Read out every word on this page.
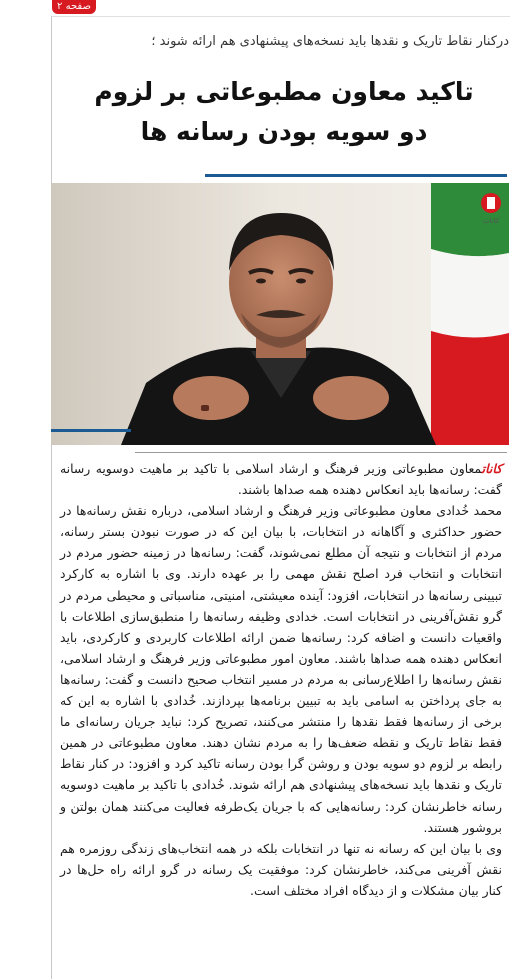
صفحه ۲
درکنار نقاط تاریک و نقدها باید نسخه‌های پیشنهادی هم ارائه شوند ؛
تاکید معاون مطبوعاتی بر لزوم
دو سویه بودن رسانه ها
کانات

کاناتمعاون مطبوعاتی وزیر فرهنگ و ارشاد اسلامی با تاکید بر ماهیت دوسویه رسانه گفت: رسانه‌ها باید انعکاس دهنده همه صداها باشند.

محمد خُدادی معاون مطبوعاتی وزیر فرهنگ و ارشاد اسلامی، درباره نقش رسانه‌ها در حضور حداکثری و آگاهانه در انتخابات، با بیان این که در صورت نبودن بستر رسانه، مردم از انتخابات و نتیجه آن مطلع نمی‌شوند، گفت: رسانه‌ها در زمینه حضور مردم در انتخابات و انتخاب فرد اصلح نقش مهمی را بر عهده دارند. وی با اشاره به کارکرد تبیینی رسانه‌ها در انتخابات، افزود: آینده معیشتی، امنیتی، مناسباتی و محیطی مردم در گرو نقش‌آفرینی در انتخابات است. خدادی وظیفه رسانه‌ها را منطبق‌سازی اطلاعات با واقعیات دانست و اضافه کرد: رسانه‌ها ضمن ارائه اطلاعات کاربردی و کارکردی، باید انعکاس دهنده همه صداها باشند. معاون امور مطبوعاتی وزیر فرهنگ و ارشاد اسلامی، نقش رسانه‌ها را اطلاع‌رسانی به مردم در مسیر انتخاب صحیح دانست و گفت: رسانه‌ها به جای پرداختن به اسامی باید به تبیین برنامه‌ها بپردازند. خُدادی با اشاره به این که برخی از رسانه‌ها فقط نقدها را منتشر می‌کنند، تصریح کرد: نباید جریان رسانه‌ای ما فقط نقاط تاریک و نقطه ضعف‌ها را به مردم نشان دهند. معاون مطبوعاتی در همین رابطه بر لزوم دو سویه بودن و روشن گرا بودن رسانه تاکید کرد و افزود: در کنار نقاط تاریک و نقدها باید نسخه‌های پیشنهادی هم ارائه شوند. خُدادی با تاکید بر ماهیت دوسویه رسانه خاطرنشان کرد: رسانه‌هایی که با جریان یک‌طرفه فعالیت می‌کنند همان بولتن و بروشور هستند.

وی با بیان این که رسانه نه تنها در انتخابات بلکه در همه انتخاب‌های زندگی روزمره هم نقش آفرینی می‌کند، خاطرنشان کرد: موفقیت یک رسانه در گرو ارائه راه حل‌ها در کنار بیان مشکلات و از دیدگاه افراد مختلف است.
